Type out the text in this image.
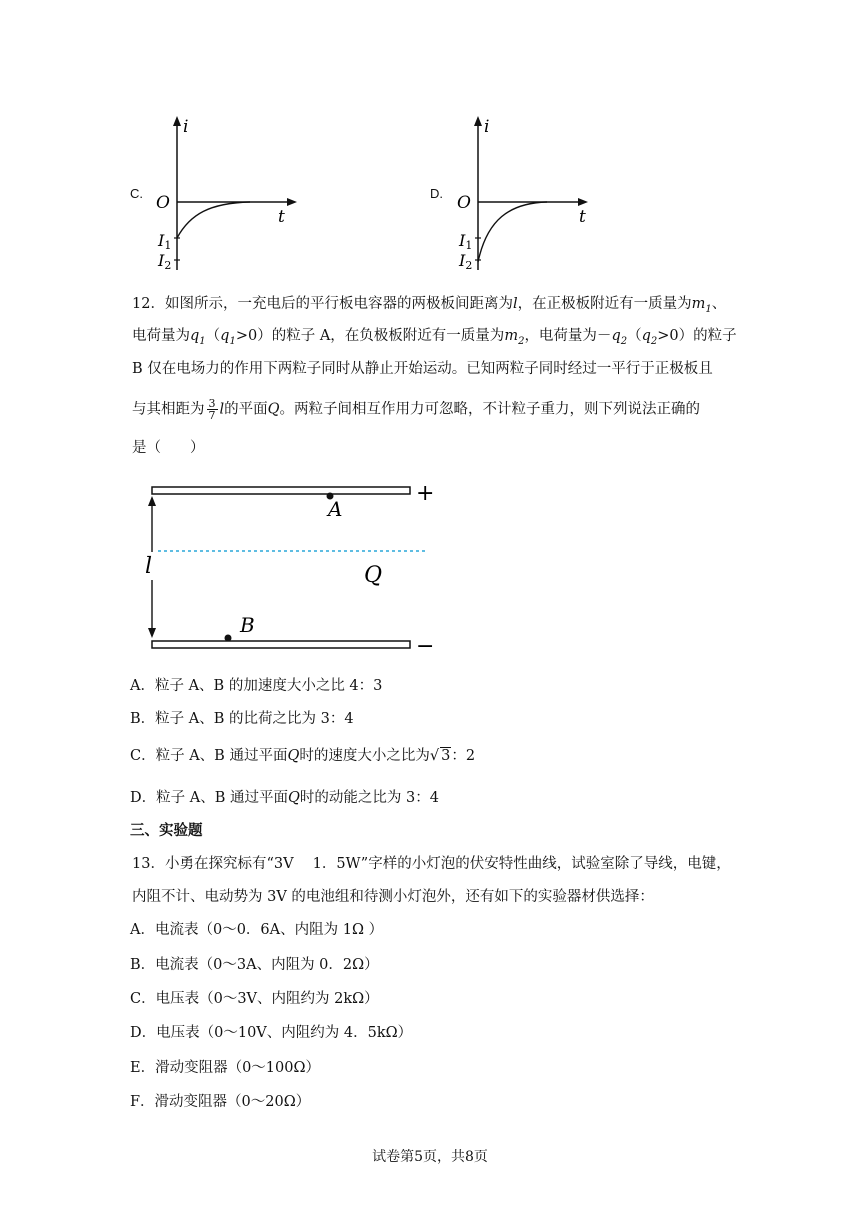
C.
i
t
O
I1
I2
D.
i
t
O
I1
I2
12．如图所示，一充电后的平行板电容器的两极板间距离为l，在正极板附近有一质量为$m_1$、
电荷量为$q_1(q_1>0)$的粒子 A，在负极板附近有一质量为$m_2$，电荷量为$-q_2(q_2>0)$的粒子
B 仅在电场力的作用下两粒子同时从静止开始运动。已知两粒子同时经过一平行于正极板且
与其相距为 $\frac{3}{7}$ l的平面Q。两粒子间相互作用力可忽略，不计粒子重力，则下列说法正确的
是（　　）
+
−
l	Q
A
B
A．粒子 A、B 的加速度大小之比 4：3
B．粒子 A、B 的比荷之比为 3：4
C．粒子 A、B 通过平面Q时的速度大小之比为√ 3：2
D．粒子 A、B 通过平面Q时的动能之比为 3：4
三、实验题
13．小勇在探究标有“3V　 1．5W”字样的小灯泡的伏安特性曲线，试验室除了导线，电键，
内阻不计、电动势为 3V 的电池组和待测小灯泡外，还有如下的实验器材供选择：
A．电流表（0～0．6A、内阻为 1Ω ）
B．电流表（0～3A、内阻为 0．2Ω）
C．电压表（0～3V、内阻约为 2kΩ）
D．电压表（0～10V、内阻约为 4．5kΩ）
E．滑动变阻器（0～100Ω）
F．滑动变阻器（0～20Ω）
试卷第5页，共8页
